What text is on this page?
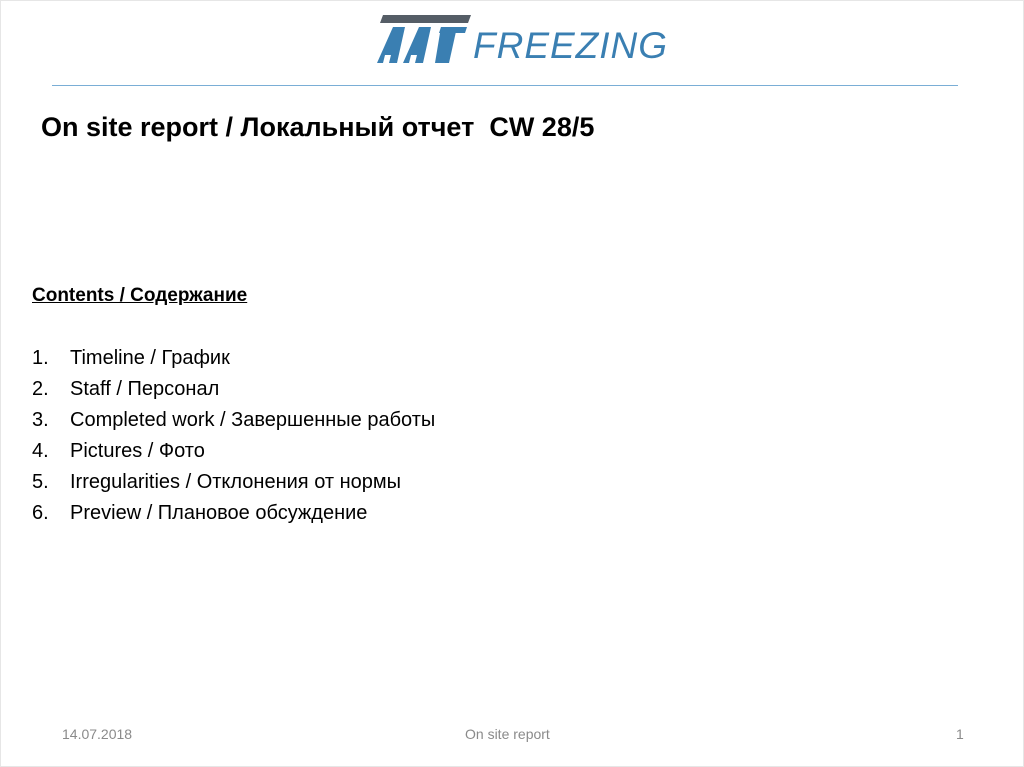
FREEZING
On site report / Локальный отчет  CW 28/5
Contents / Содержание
1.	Timeline / График
2.	Staff / Персонал
3.	Completed work / Завершенные работы
4.	Pictures / Фото
5.	Irregularities / Отклонения от нормы
6.	Preview / Плановое обсуждение
14.07.2018	On site report	1
